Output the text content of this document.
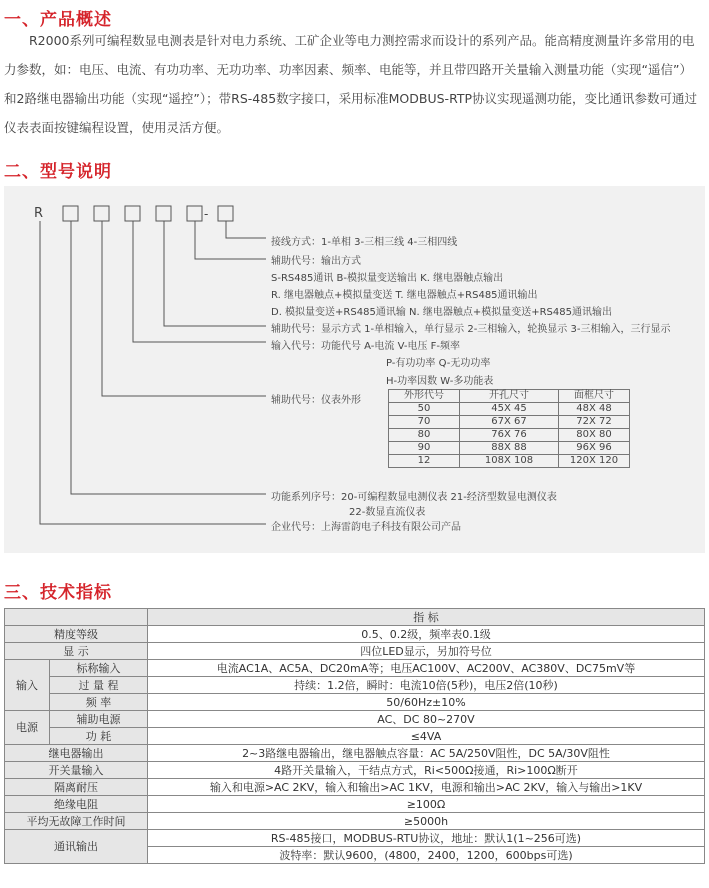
一、产品概述

R2000系列可编程数显电测表是针对电力系统、工矿企业等电力测控需求而设计的系列产品。能高精度测量许多常用的电力参数，如：电压、电流、有功功率、无功功率、功率因素、频率、电能等，并且带四路开关量输入测量功能（实现“遥信”）和2路继电器输出功能（实现“遥控”）；带RS-485数字接口，采用标准MODBUS-RTP协议实现遥测功能，变比通讯参数可通过仪表表面按键编程设置，使用灵活方便。

二、型号说明
R	-
接线方式：1-单相 3-三相三线 4-三相四线
辅助代号：输出方式
S-RS485通讯 B-模拟量变送输出 K. 继电器触点输出
R. 继电器触点+模拟量变送 T. 继电器触点+RS485通讯输出
D. 模拟量变送+RS485通讯输 N. 继电器触点+模拟量变送+RS485通讯输出
辅助代号：显示方式 1-单相输入，单行显示 2-三相输入，轮换显示 3-三相输入，三行显示
输入代号：功能代号 A-电流 V-电压 F-频率
P-有功功率 Q-无功功率
H-功率因数 W-多功能表
辅助代号：仪表外形	外形代号	开孔尺寸	面框尺寸
50	45X 45	48X 48
70	67X 67	72X 72
80	76X 76	80X 80
90	88X 88	96X 96
12	108X 108	120X 120
功能系列序号：20-可编程数显电测仪表 21-经济型数显电测仪表
22-数显直流仪表
企业代号：上海雷韵电子科技有限公司产品
三、技术指标
		指 标
精度等级		0.5、0.2级，频率表0.1级
显 示		四位LED显示，另加符号位
输入	标称输入	电流AC1A、AC5A、DC20mA等；电压AC100V、AC200V、AC380V、DC75mV等
	过 量 程	持续：1.2倍，瞬时：电流10倍(5秒)，电压2倍(10秒)
	频 率	50/60Hz±10%
电源	辅助电源	AC、DC 80~270V
	功 耗	≤4VA
继电器输出		2~3路继电器输出，继电器触点容量：AC 5A/250V阻性，DC 5A/30V阻性
开关量输入		4路开关量输入，干结点方式，Ri<500Ω接通，Ri>100Ω断开
隔离耐压		输入和电源>AC 2KV，输入和输出>AC 1KV，电源和输出>AC 2KV，输入与输出>1KV
绝缘电阻		≥100Ω
平均无故障工作时间		≥5000h
通讯输出		RS-485接口，MODBUS-RTU协议，地址：默认1(1~256可选)
		波特率：默认9600，(4800，2400，1200，600bps可选)
